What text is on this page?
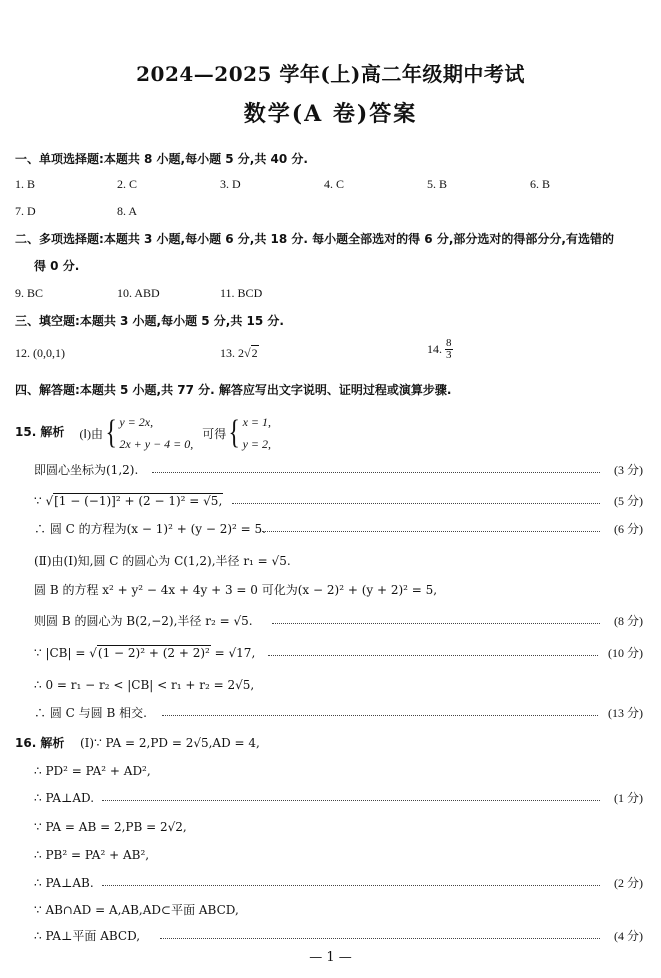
2024—2025 学年(上)高二年级期中考试
数学(A 卷)答案
一、单项选择题:本题共 8 小题,每小题 5 分,共 40 分.
1. B	2. C	3. D	4. C	5. B	6. B
7. D	8. A
二、多项选择题:本题共 3 小题,每小题 6 分,共 18 分. 每小题全部选对的得 6 分,部分选对的得部分分,有选错的
得 0 分.
9. BC	10. ABD	11. BCD
三、填空题:本题共 3 小题,每小题 5 分,共 15 分.
12. (0,0,1)	13. 2√2	14. $\frac{8}{3}$
四、解答题:本题共 5 小题,共 77 分. 解答应写出文字说明、证明过程或演算步骤.
15. 解析 (Ⅰ)由{ y = 2x,
2x + y − 4 = 0,
可得{ x = 1,
y = 2,
即圆心坐标为(1,2).	(3 分)
∵ √[1 − (−1)]² + (2 − 1)² = √5,	(5 分)
∴ 圆 C 的方程为(x − 1)² + (y − 2)² = 5.	(6 分)
(Ⅱ)由(Ⅰ)知,圆 C 的圆心为 C(1,2),半径 r₁ = √5.
圆 B 的方程 x² + y² − 4x + 4y + 3 = 0 可化为(x − 2)² + (y + 2)² = 5,
则圆 B 的圆心为 B(2,−2),半径 r₂ = √5.	(8 分)
∵ |CB| = √(1 − 2)² + (2 + 2)² = √17,	(10 分)
∴ 0 = r₁ − r₂ < |CB| < r₁ + r₂ = 2√5,
∴ 圆 C 与圆 B 相交.	(13 分)
16. 解析 (Ⅰ)∵ PA = 2,PD = 2√5,AD = 4,
∴ PD² = PA² + AD²,
∴ PA⊥AD.	(1 分)
∵ PA = AB = 2,PB = 2√2,
∴ PB² = PA² + AB²,
∴ PA⊥AB.	(2 分)
∵ AB∩AD = A,AB,AD⊂平面 ABCD,
∴ PA⊥平面 ABCD,	(4 分)
— 1 —
